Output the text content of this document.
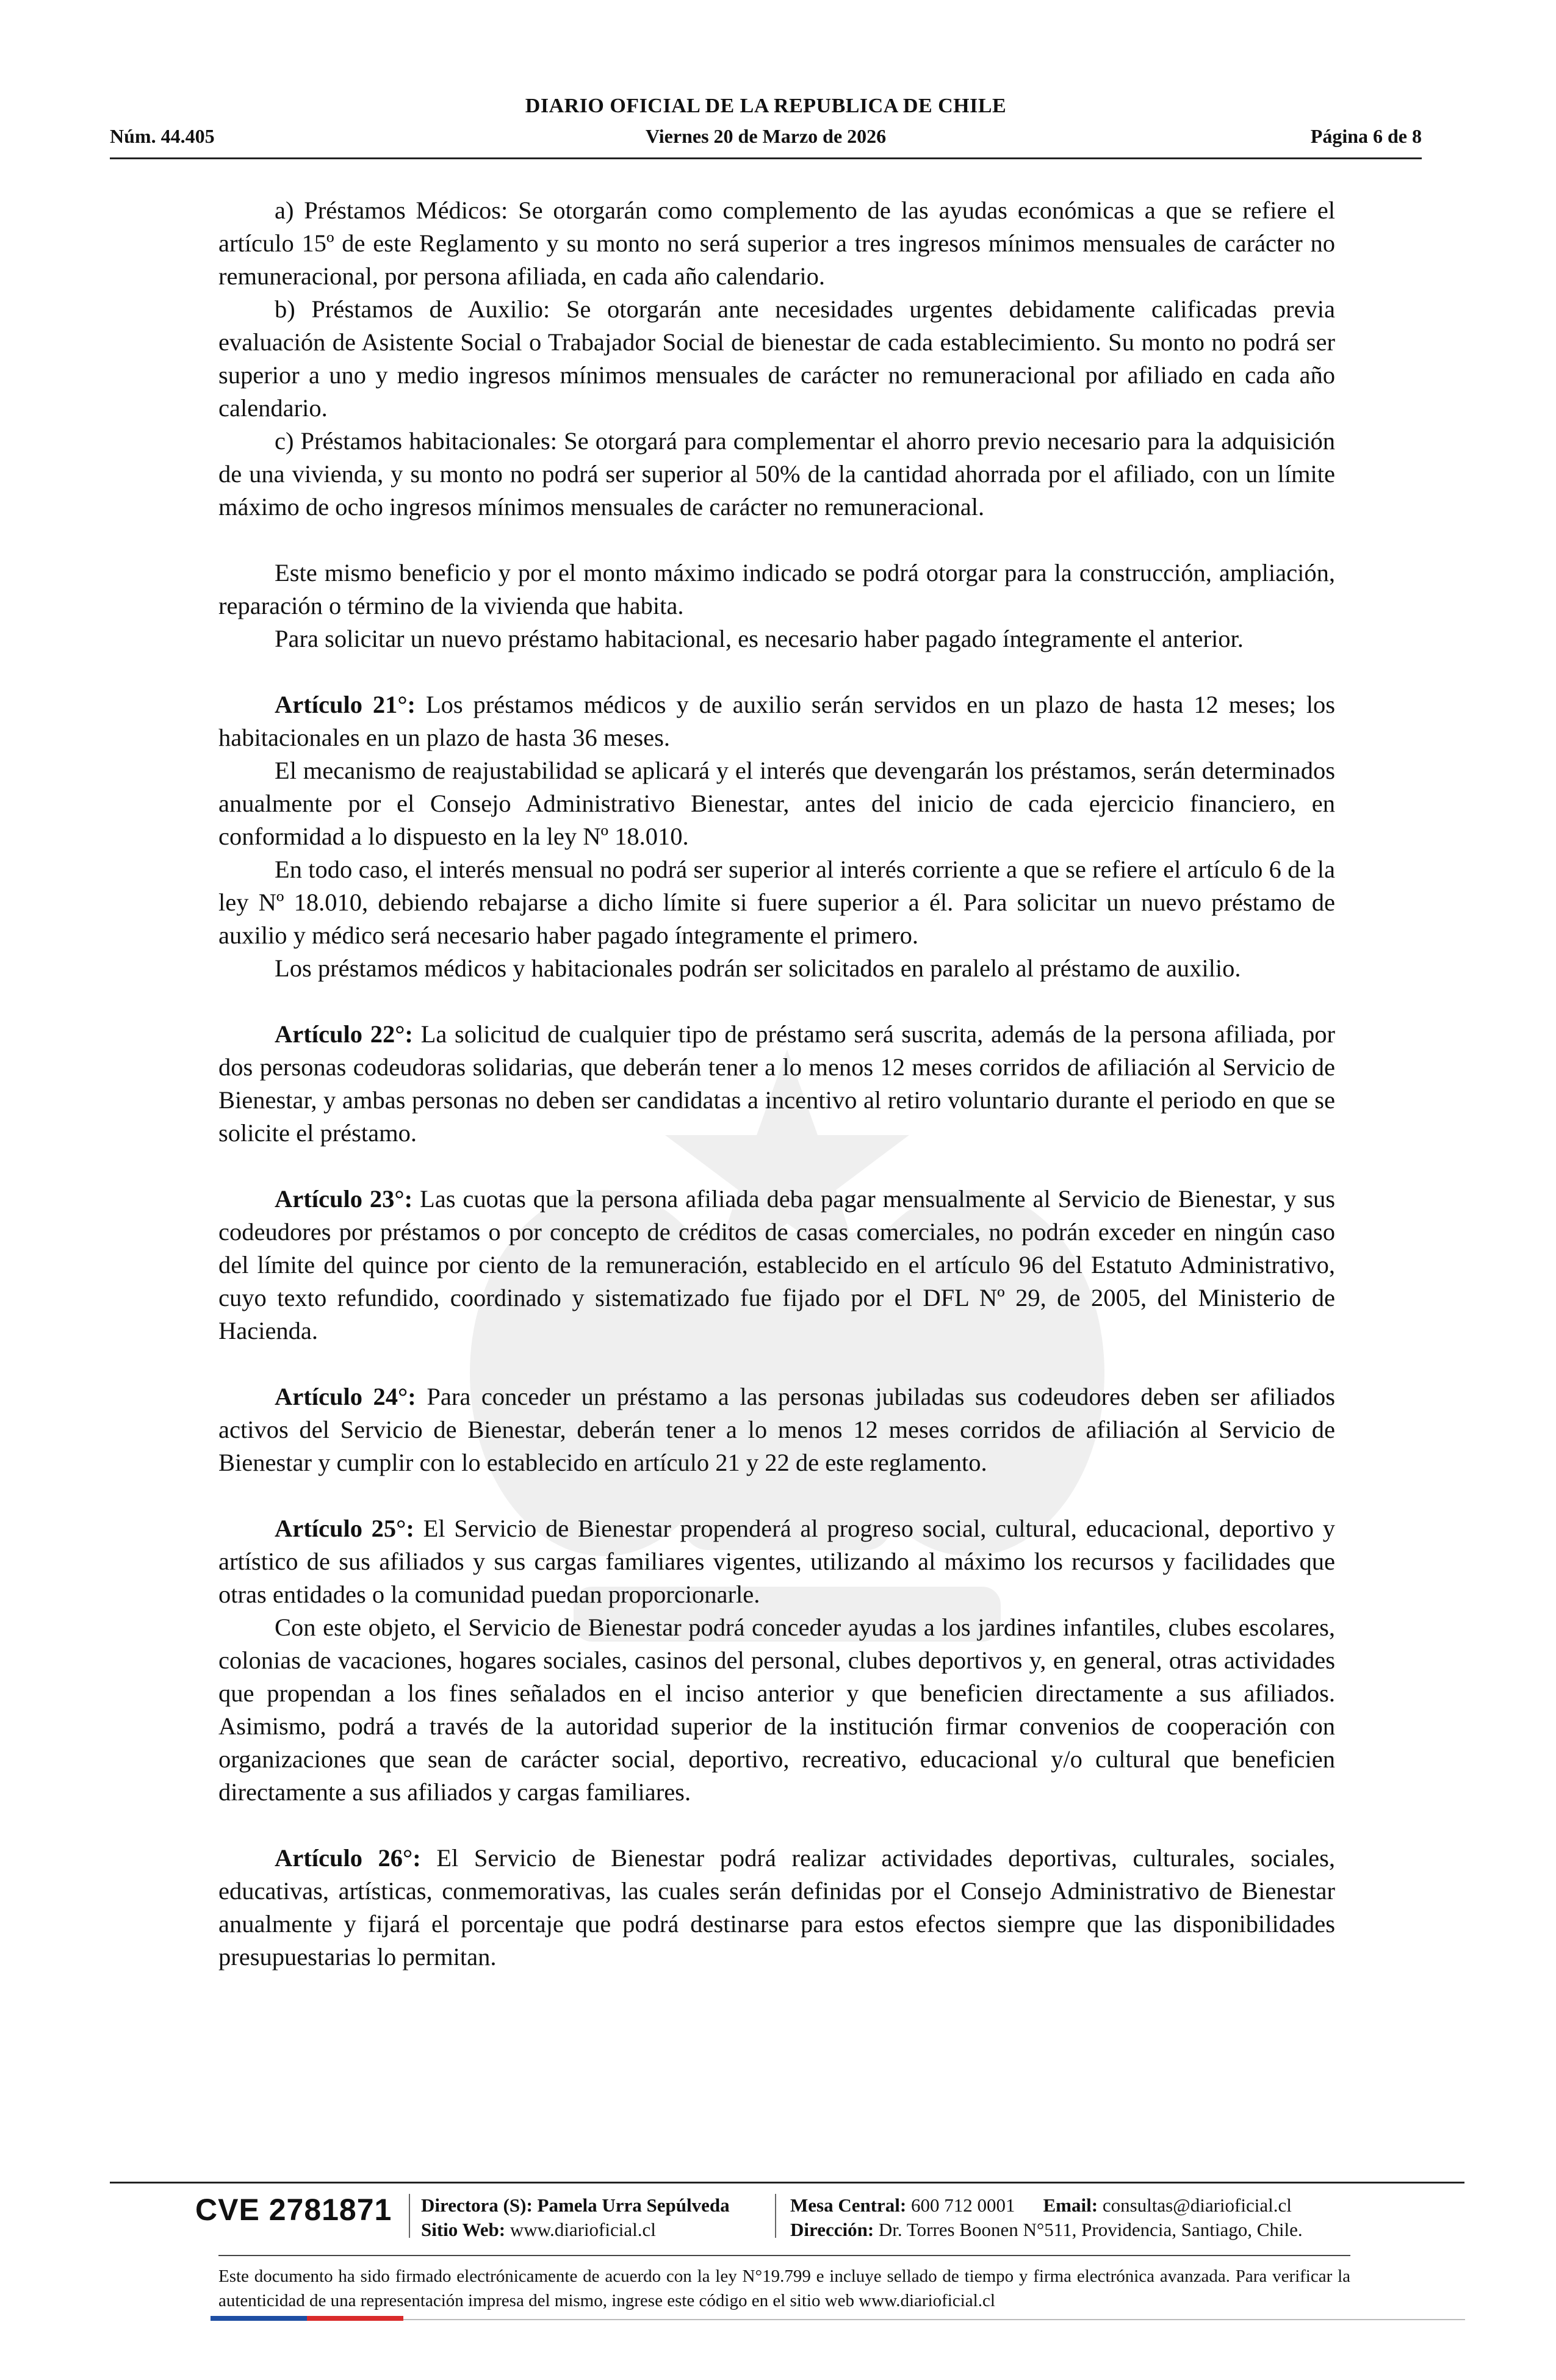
DIARIO OFICIAL DE LA REPUBLICA DE CHILE
Núm. 44.405	Viernes 20 de Marzo de 2026	Página 6 de 8

a) Préstamos Médicos: Se otorgarán como complemento de las ayudas económicas a que se refiere el artículo 15º de este Reglamento y su monto no será superior a tres ingresos mínimos mensuales de carácter no remuneracional, por persona afiliada, en cada año calendario.

b) Préstamos de Auxilio: Se otorgarán ante necesidades urgentes debidamente calificadas previa evaluación de Asistente Social o Trabajador Social de bienestar de cada establecimiento. Su monto no podrá ser superior a uno y medio ingresos mínimos mensuales de carácter no remuneracional por afiliado en cada año calendario.

c) Préstamos habitacionales: Se otorgará para complementar el ahorro previo necesario para la adquisición de una vivienda, y su monto no podrá ser superior al 50% de la cantidad ahorrada por el afiliado, con un límite máximo de ocho ingresos mínimos mensuales de carácter no remuneracional.

Este mismo beneficio y por el monto máximo indicado se podrá otorgar para la construcción, ampliación, reparación o término de la vivienda que habita.

Para solicitar un nuevo préstamo habitacional, es necesario haber pagado íntegramente el anterior.

Artículo 21°: Los préstamos médicos y de auxilio serán servidos en un plazo de hasta 12 meses; los habitacionales en un plazo de hasta 36 meses.

El mecanismo de reajustabilidad se aplicará y el interés que devengarán los préstamos, serán determinados anualmente por el Consejo Administrativo Bienestar, antes del inicio de cada ejercicio financiero, en conformidad a lo dispuesto en la ley Nº 18.010.

En todo caso, el interés mensual no podrá ser superior al interés corriente a que se refiere el artículo 6 de la ley Nº 18.010, debiendo rebajarse a dicho límite si fuere superior a él. Para solicitar un nuevo préstamo de auxilio y médico será necesario haber pagado íntegramente el primero.

Los préstamos médicos y habitacionales podrán ser solicitados en paralelo al préstamo de auxilio.

Artículo 22°: La solicitud de cualquier tipo de préstamo será suscrita, además de la persona afiliada, por dos personas codeudoras solidarias, que deberán tener a lo menos 12 meses corridos de afiliación al Servicio de Bienestar, y ambas personas no deben ser candidatas a incentivo al retiro voluntario durante el periodo en que se solicite el préstamo.

Artículo 23°: Las cuotas que la persona afiliada deba pagar mensualmente al Servicio de Bienestar, y sus codeudores por préstamos o por concepto de créditos de casas comerciales, no podrán exceder en ningún caso del límite del quince por ciento de la remuneración, establecido en el artículo 96 del Estatuto Administrativo, cuyo texto refundido, coordinado y sistematizado fue fijado por el DFL Nº 29, de 2005, del Ministerio de Hacienda.

Artículo 24°: Para conceder un préstamo a las personas jubiladas sus codeudores deben ser afiliados activos del Servicio de Bienestar, deberán tener a lo menos 12 meses corridos de afiliación al Servicio de Bienestar y cumplir con lo establecido en artículo 21 y 22 de este reglamento.

Artículo 25°: El Servicio de Bienestar propenderá al progreso social, cultural, educacional, deportivo y artístico de sus afiliados y sus cargas familiares vigentes, utilizando al máximo los recursos y facilidades que otras entidades o la comunidad puedan proporcionarle.

Con este objeto, el Servicio de Bienestar podrá conceder ayudas a los jardines infantiles, clubes escolares, colonias de vacaciones, hogares sociales, casinos del personal, clubes deportivos y, en general, otras actividades que propendan a los fines señalados en el inciso anterior y que beneficien directamente a sus afiliados. Asimismo, podrá a través de la autoridad superior de la institución firmar convenios de cooperación con organizaciones que sean de carácter social, deportivo, recreativo, educacional y/o cultural que beneficien directamente a sus afiliados y cargas familiares.

Artículo 26°: El Servicio de Bienestar podrá realizar actividades deportivas, culturales, sociales, educativas, artísticas, conmemorativas, las cuales serán definidas por el Consejo Administrativo de Bienestar anualmente y fijará el porcentaje que podrá destinarse para estos efectos siempre que las disponibilidades presupuestarias lo permitan.

CVE 2781871 Directora (S): Pamela Urra Sepúlveda
Sitio Web: www.diarioficial.cl
Mesa Central: 600 712 0001 Email: consultas@diarioficial.cl
Dirección: Dr. Torres Boonen N°511, Providencia, Santiago, Chile.
Este documento ha sido firmado electrónicamente de acuerdo con la ley N°19.799 e incluye sellado de tiempo y firma electrónica avanzada. Para verificar la autenticidad de una representación impresa del mismo, ingrese este código en el sitio web www.diarioficial.cl
